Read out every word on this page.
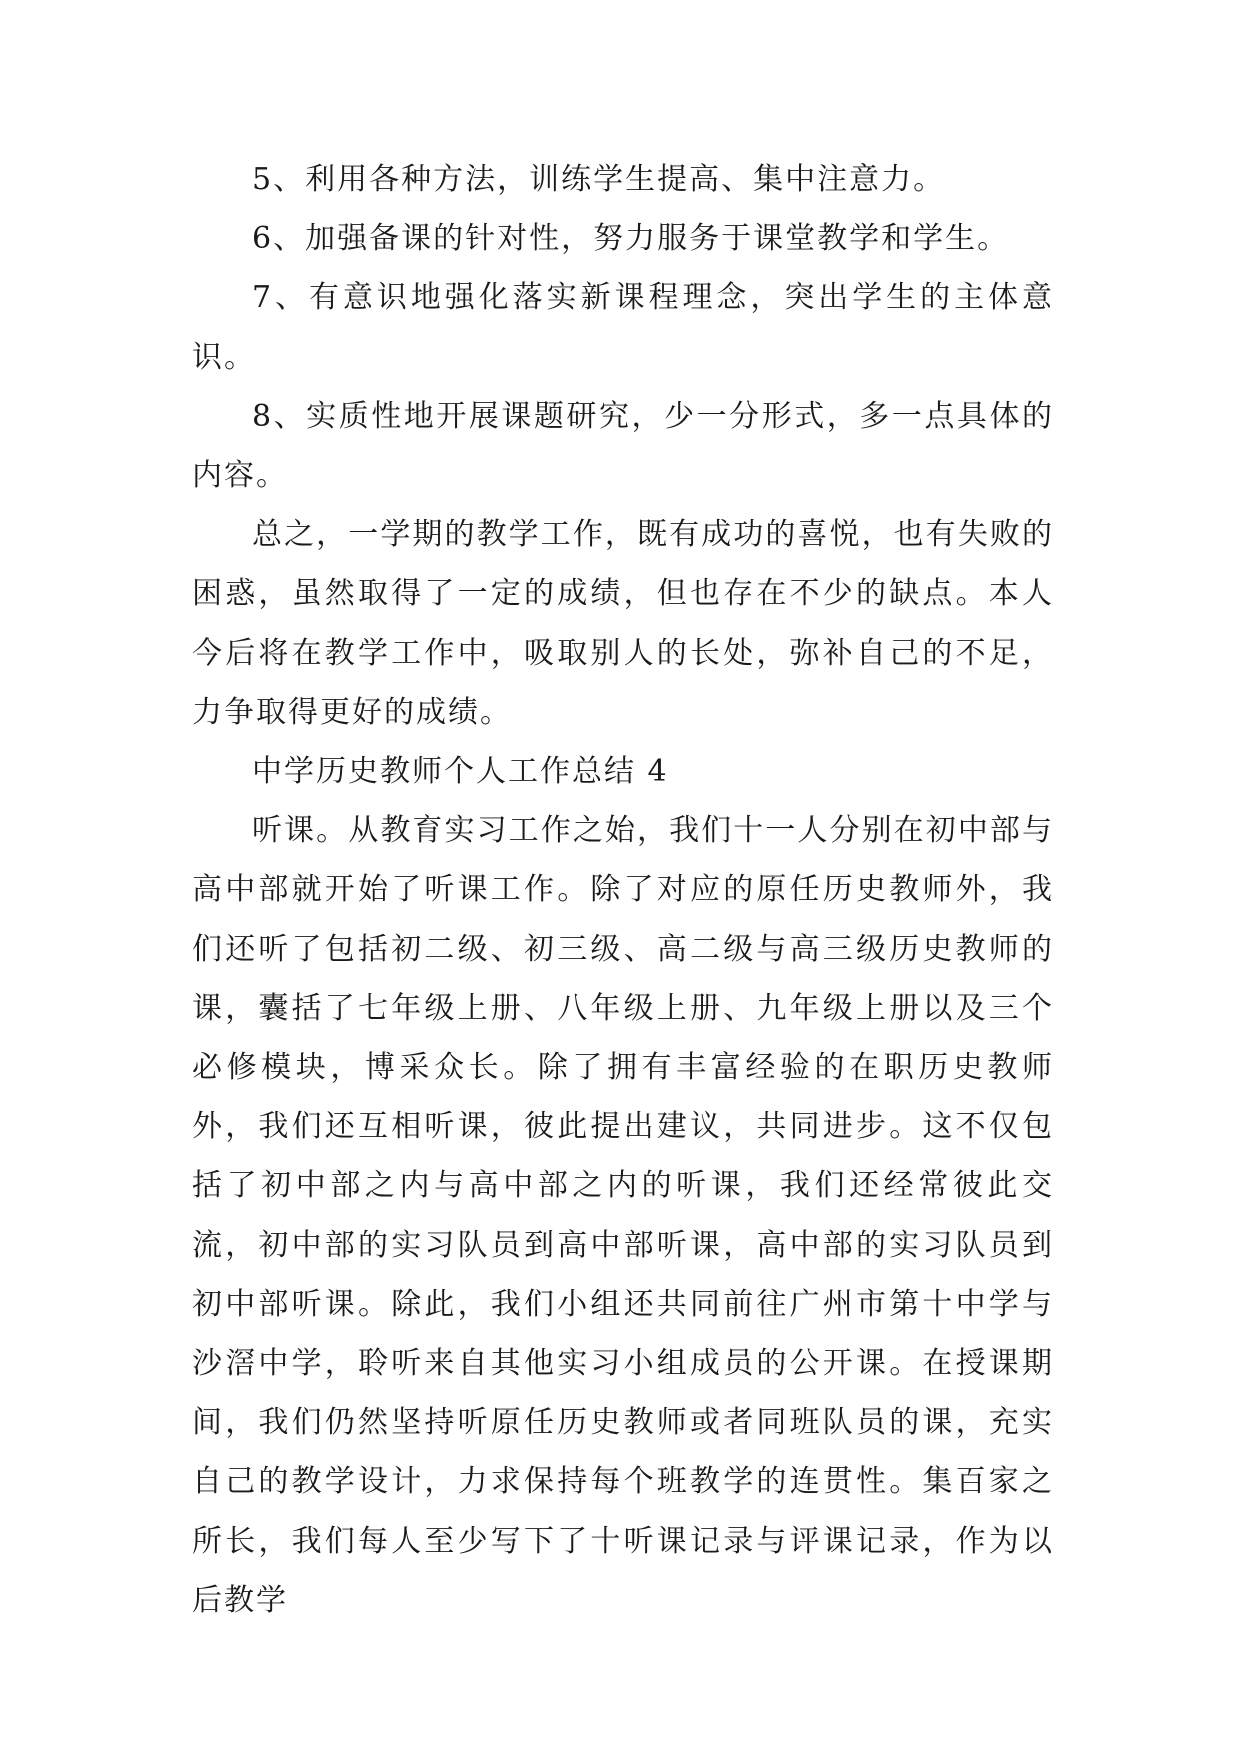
5、利用各种方法，训练学生提高、集中注意力。

6、加强备课的针对性，努力服务于课堂教学和学生。

7、有意识地强化落实新课程理念，突出学生的主体意识。

8、实质性地开展课题研究，少一分形式，多一点具体的内容。

总之，一学期的教学工作，既有成功的喜悦，也有失败的困惑，虽然取得了一定的成绩，但也存在不少的缺点。本人今后将在教学工作中，吸取别人的长处，弥补自己的不足，力争取得更好的成绩。

中学历史教师个人工作总结 4

听课。从教育实习工作之始，我们十一人分别在初中部与高中部就开始了听课工作。除了对应的原任历史教师外，我们还听了包括初二级、初三级、高二级与高三级历史教师的课，囊括了七年级上册、八年级上册、九年级上册以及三个必修模块，博采众长。除了拥有丰富经验的在职历史教师外，我们还互相听课，彼此提出建议，共同进步。这不仅包括了初中部之内与高中部之内的听课，我们还经常彼此交流，初中部的实习队员到高中部听课，高中部的实习队员到初中部听课。除此，我们小组还共同前往广州市第十中学与沙滘中学，聆听来自其他实习小组成员的公开课。在授课期间，我们仍然坚持听原任历史教师或者同班队员的课，充实自己的教学设计，力求保持每个班教学的连贯性。集百家之所长，我们每人至少写下了十听课记录与评课记录，作为以后教学
